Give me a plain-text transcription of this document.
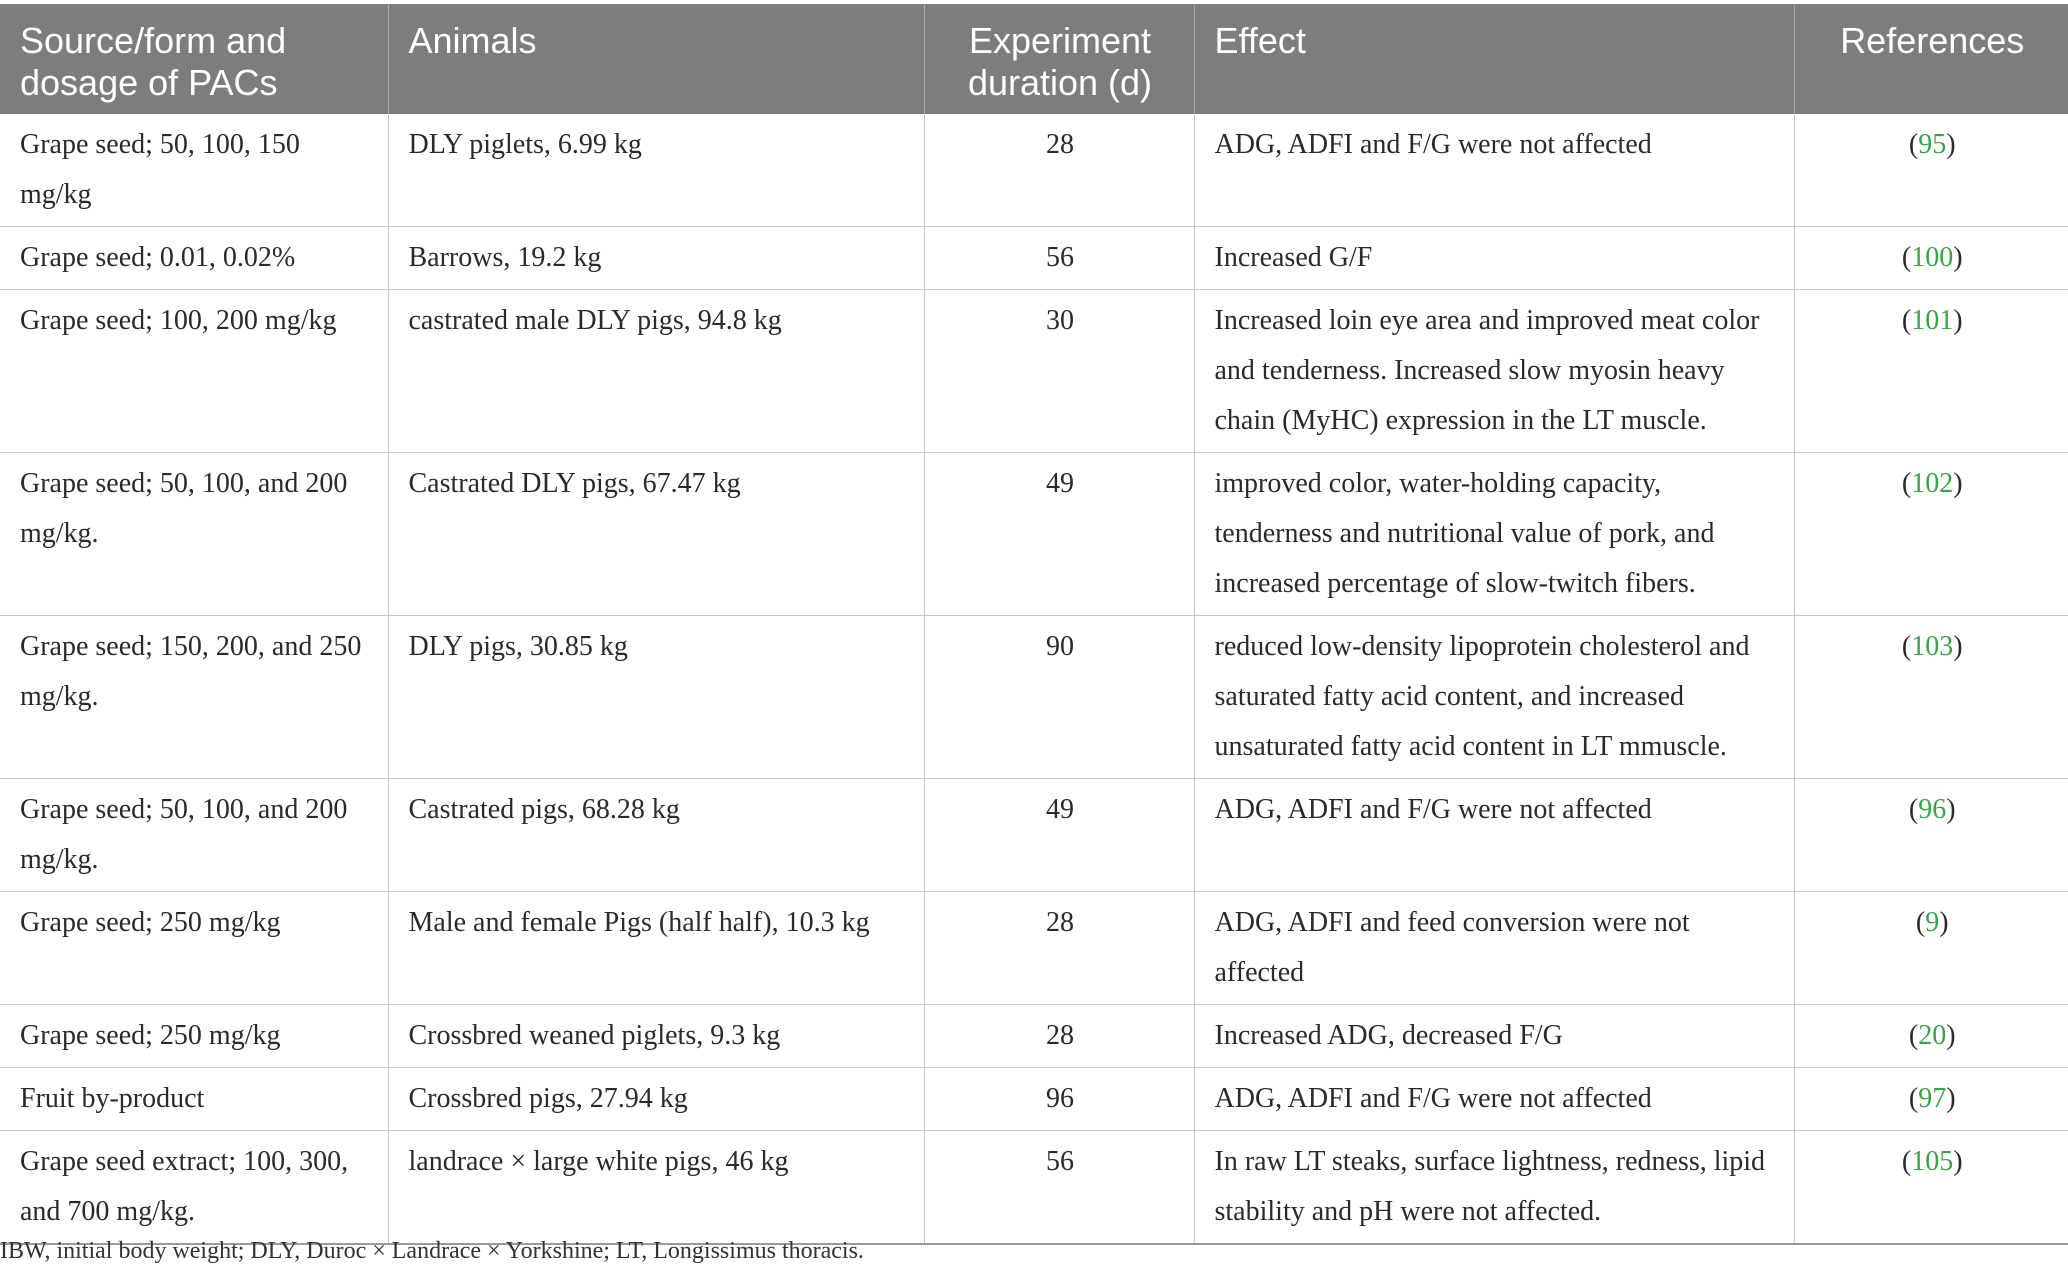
Source/form and dosage of PACs	Animals	Experiment duration (d)	Effect	References
Grape seed; 50, 100, 150 mg/kg	DLY piglets, 6.99 kg	28	ADG, ADFI and F/G were not affected	(95)
Grape seed; 0.01, 0.02%	Barrows, 19.2 kg	56	Increased G/F	(100)
Grape seed; 100, 200 mg/kg	castrated male DLY pigs, 94.8 kg	30	Increased loin eye area and improved meat color and tenderness. Increased slow myosin heavy chain (MyHC) expression in the LT muscle.	(101)
Grape seed; 50, 100, and 200 mg/kg.	Castrated DLY pigs, 67.47 kg	49	improved color, water-holding capacity, tenderness and nutritional value of pork, and increased percentage of slow-twitch fibers.	(102)
Grape seed; 150, 200, and 250 mg/kg.	DLY pigs, 30.85 kg	90	reduced low-density lipoprotein cholesterol and saturated fatty acid content, and increased unsaturated fatty acid content in LT mmuscle.	(103)
Grape seed; 50, 100, and 200 mg/kg.	Castrated pigs, 68.28 kg	49	ADG, ADFI and F/G were not affected	(96)
Grape seed; 250 mg/kg	Male and female Pigs (half half), 10.3 kg	28	ADG, ADFI and feed conversion were not affected	(9)
Grape seed; 250 mg/kg	Crossbred weaned piglets, 9.3 kg	28	Increased ADG, decreased F/G	(20)
Fruit by-product	Crossbred pigs, 27.94 kg	96	ADG, ADFI and F/G were not affected	(97)
Grape seed extract; 100, 300, and 700 mg/kg.	landrace × large white pigs, 46 kg	56	In raw LT steaks, surface lightness, redness, lipid stability and pH were not affected.	(105)
IBW, initial body weight; DLY, Duroc × Landrace × Yorkshine; LT, Longissimus thoracis.
